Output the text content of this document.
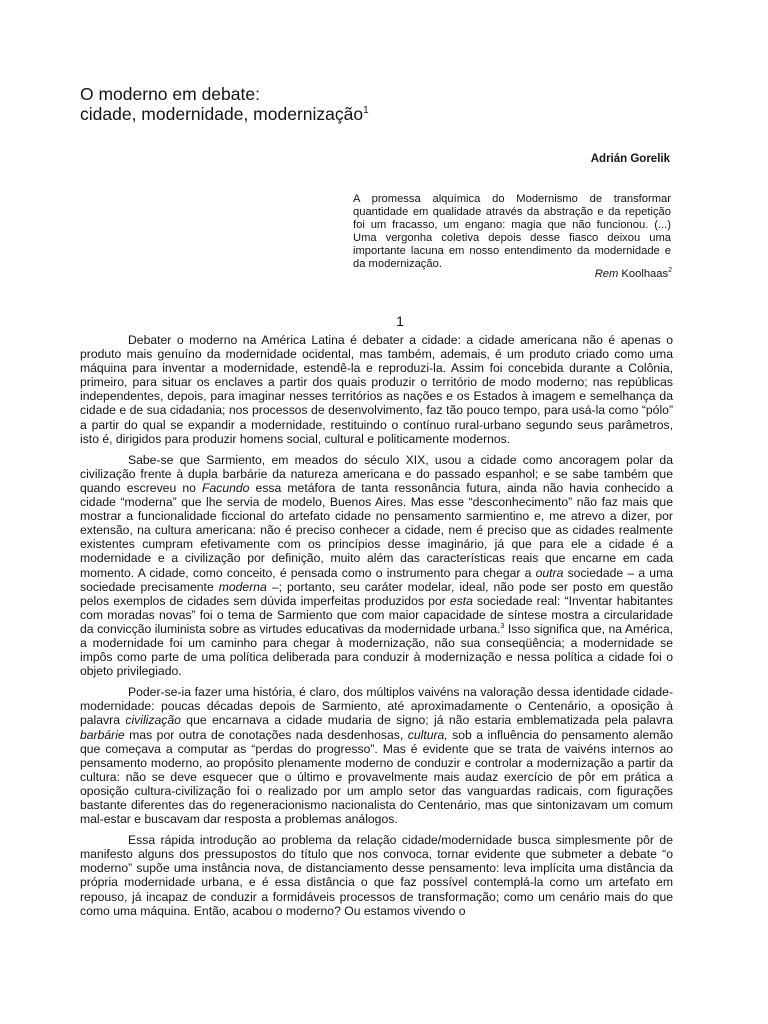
O moderno em debate:
cidade, modernidade, modernização$^1$
Adrián Gorelik

A promessa alquímica do Modernismo de transformar quantidade em qualidade através da abstração e da repetição foi um fracasso, um engano: magia que não funcionou. (...) Uma vergonha coletiva depois desse fiasco deixou uma importante lacuna em nosso entendimento da modernidade e da modernização.

Rem Koolhaas$^2$
1

Debater o moderno na América Latina é debater a cidade: a cidade americana não é apenas o produto mais genuíno da modernidade ocidental, mas também, ademais, é um produto criado como uma máquina para inventar a modernidade, estendê-la e reproduzi-la. Assim foi concebida durante a Colônia, primeiro, para situar os enclaves a partir dos quais produzir o território de modo moderno; nas repúblicas independentes, depois, para imaginar nesses territórios as nações e os Estados à imagem e semelhança da cidade e de sua cidadania; nos processos de desenvolvimento, faz tão pouco tempo, para usá-la como “pólo” a partir do qual se expandir a modernidade, restituindo o contínuo rural-urbano segundo seus parâmetros, isto é, dirigidos para produzir homens social, cultural e politicamente modernos.

Sabe-se que Sarmiento, em meados do século XIX, usou a cidade como ancoragem polar da civilização frente à dupla barbárie da natureza americana e do passado espanhol; e se sabe também que quando escreveu no Facundo essa metáfora de tanta ressonância futura, ainda não havia conhecido a cidade “moderna” que lhe servia de modelo, Buenos Aires. Mas esse “desconhecimento” não faz mais que mostrar a funcionalidade ficcional do artefato cidade no pensamento sarmientino e, me atrevo a dizer, por extensão, na cultura americana: não é preciso conhecer a cidade, nem é preciso que as cidades realmente existentes cumpram efetivamente com os princípios desse imaginário, já que para ele a cidade é a modernidade e a civilização por definição, muito além das características reais que encarne em cada momento. A cidade, como conceito, é pensada como o instrumento para chegar a outra sociedade – a uma sociedade precisamente moderna –; portanto, seu caráter modelar, ideal, não pode ser posto em questão pelos exemplos de cidades sem dúvida imperfeitas produzidos por esta sociedade real: “Inventar habitantes com moradas novas” foi o tema de Sarmiento que com maior capacidade de síntese mostra a circularidade da convicção iluminista sobre as virtudes educativas da modernidade urbana.$^3$ Isso significa que, na América, a modernidade foi um caminho para chegar à modernização, não sua conseqüência; a modernidade se impôs como parte de uma política deliberada para conduzir à modernização e nessa política a cidade foi o objeto privilegiado.

Poder-se-ia fazer uma história, é claro, dos múltiplos vaivéns na valoração dessa identidade cidade-modernidade: poucas décadas depois de Sarmiento, até aproximadamente o Centenário, a oposição à palavra civilização que encarnava a cidade mudaria de signo; já não estaria emblematizada pela palavra barbárie mas por outra de conotações nada desdenhosas, cultura, sob a influência do pensamento alemão que começava a computar as “perdas do progresso”. Mas é evidente que se trata de vaivéns internos ao pensamento moderno, ao propósito plenamente moderno de conduzir e controlar a modernização a partir da cultura: não se deve esquecer que o último e provavelmente mais audaz exercício de pôr em prática a oposição cultura-civilização foi o realizado por um amplo setor das vanguardas radicais, com figurações bastante diferentes das do regeneracionismo nacionalista do Centenário, mas que sintonizavam um comum mal-estar e buscavam dar resposta a problemas análogos.

Essa rápida introdução ao problema da relação cidade/modernidade busca simplesmente pôr de manifesto alguns dos pressupostos do título que nos convoca, tornar evidente que submeter a debate “o moderno” supõe uma instância nova, de distanciamento desse pensamento: leva implícita uma distância da própria modernidade urbana, e é essa distância o que faz possível contemplá-la como um artefato em repouso, já incapaz de conduzir a formidáveis processos de transformação; como um cenário mais do que como uma máquina. Então, acabou o moderno? Ou estamos vivendo o
